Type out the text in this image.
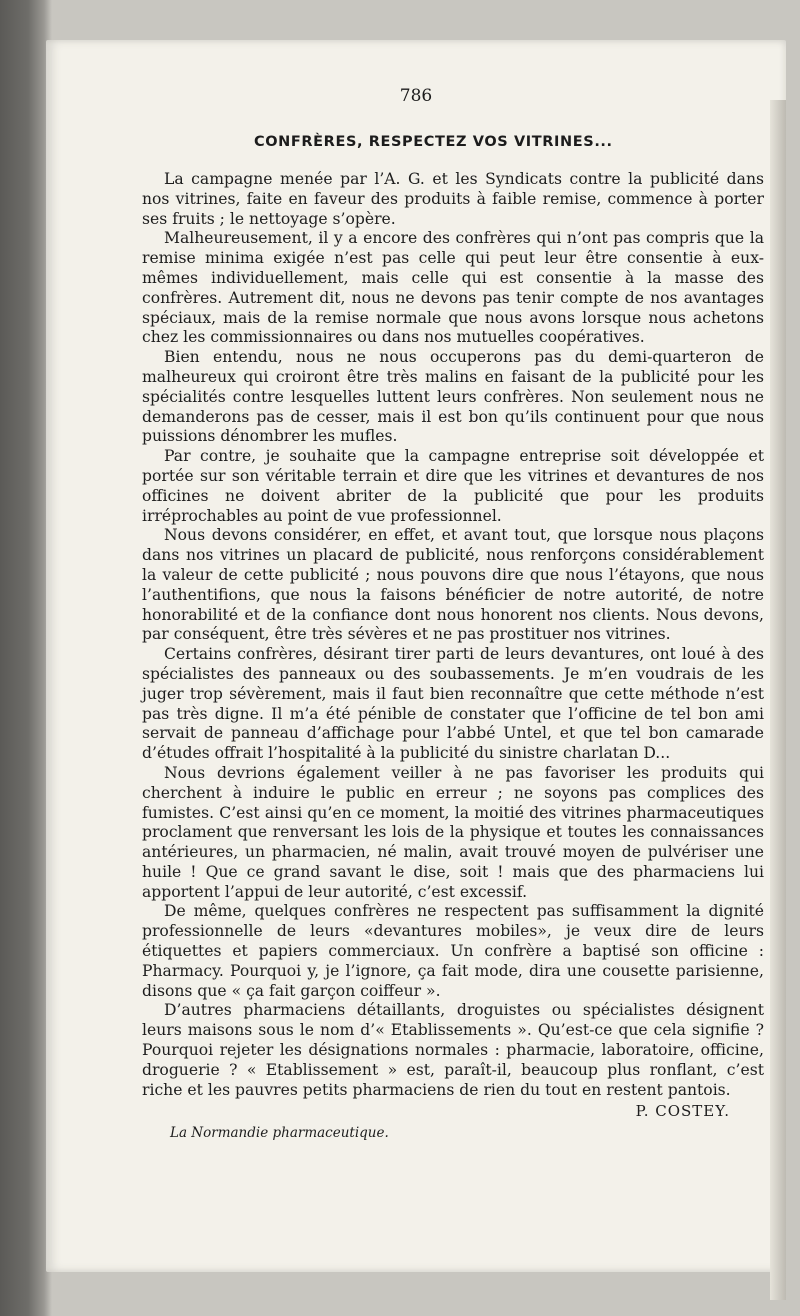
786
CONFRÈRES, RESPECTEZ VOS VITRINES...

La campagne menée par l’A. G. et les Syndicats contre la publicité dans nos vitrines, faite en faveur des produits à faible remise, commence à porter ses fruits ; le nettoyage s’opère.

Malheureusement, il y a encore des confrères qui n’ont pas compris que la remise minima exigée n’est pas celle qui peut leur être consentie à eux-mêmes individuellement, mais celle qui est consentie à la masse des confrères. Autrement dit, nous ne devons pas tenir compte de nos avantages spéciaux, mais de la remise normale que nous avons lorsque nous achetons chez les commissionnaires ou dans nos mutuelles coopératives.

Bien entendu, nous ne nous occuperons pas du demi-quarteron de malheureux qui croiront être très malins en faisant de la publicité pour les spécialités contre lesquelles luttent leurs confrères. Non seulement nous ne demanderons pas de cesser, mais il est bon qu’ils continuent pour que nous puissions dénombrer les mufles.

Par contre, je souhaite que la campagne entreprise soit développée et portée sur son véritable terrain et dire que les vitrines et devantures de nos officines ne doivent abriter de la publicité que pour les produits irréprochables au point de vue professionnel.

Nous devons considérer, en effet, et avant tout, que lorsque nous plaçons dans nos vitrines un placard de publicité, nous renforçons considérablement la valeur de cette publicité ; nous pouvons dire que nous l’étayons, que nous l’authentifions, que nous la faisons bénéficier de notre autorité, de notre honorabilité et de la confiance dont nous honorent nos clients. Nous devons, par conséquent, être très sévères et ne pas prostituer nos vitrines.

Certains confrères, désirant tirer parti de leurs devantures, ont loué à des spécialistes des panneaux ou des soubassements. Je m’en voudrais de les juger trop sévèrement, mais il faut bien reconnaître que cette méthode n’est pas très digne. Il m’a été pénible de constater que l’officine de tel bon ami servait de panneau d’affichage pour l’abbé Untel, et que tel bon camarade d’études offrait l’hospitalité à la publicité du sinistre charlatan D...

Nous devrions également veiller à ne pas favoriser les produits qui cherchent à induire le public en erreur ; ne soyons pas complices des fumistes. C’est ainsi qu’en ce moment, la moitié des vitrines pharmaceutiques proclament que renversant les lois de la physique et toutes les connaissances antérieures, un pharmacien, né malin, avait trouvé moyen de pulvériser une huile ! Que ce grand savant le dise, soit ! mais que des pharmaciens lui apportent l’appui de leur autorité, c’est excessif.

De même, quelques confrères ne respectent pas suffisamment la dignité professionnelle de leurs «devantures mobiles», je veux dire de leurs étiquettes et papiers commerciaux. Un confrère a baptisé son officine : Pharmacy. Pourquoi y, je l’ignore, ça fait mode, dira une cousette parisienne, disons que « ça fait garçon coiffeur ».

D’autres pharmaciens détaillants, droguistes ou spécialistes désignent leurs maisons sous le nom d’« Etablissements ». Qu’est-ce que cela signifie ? Pourquoi rejeter les désignations normales : pharmacie, laboratoire, officine, droguerie ? « Etablissement » est, paraît-il, beaucoup plus ronflant, c’est riche et les pauvres petits pharmaciens de rien du tout en restent pantois.

P. COSTEY.
La Normandie pharmaceutique.
